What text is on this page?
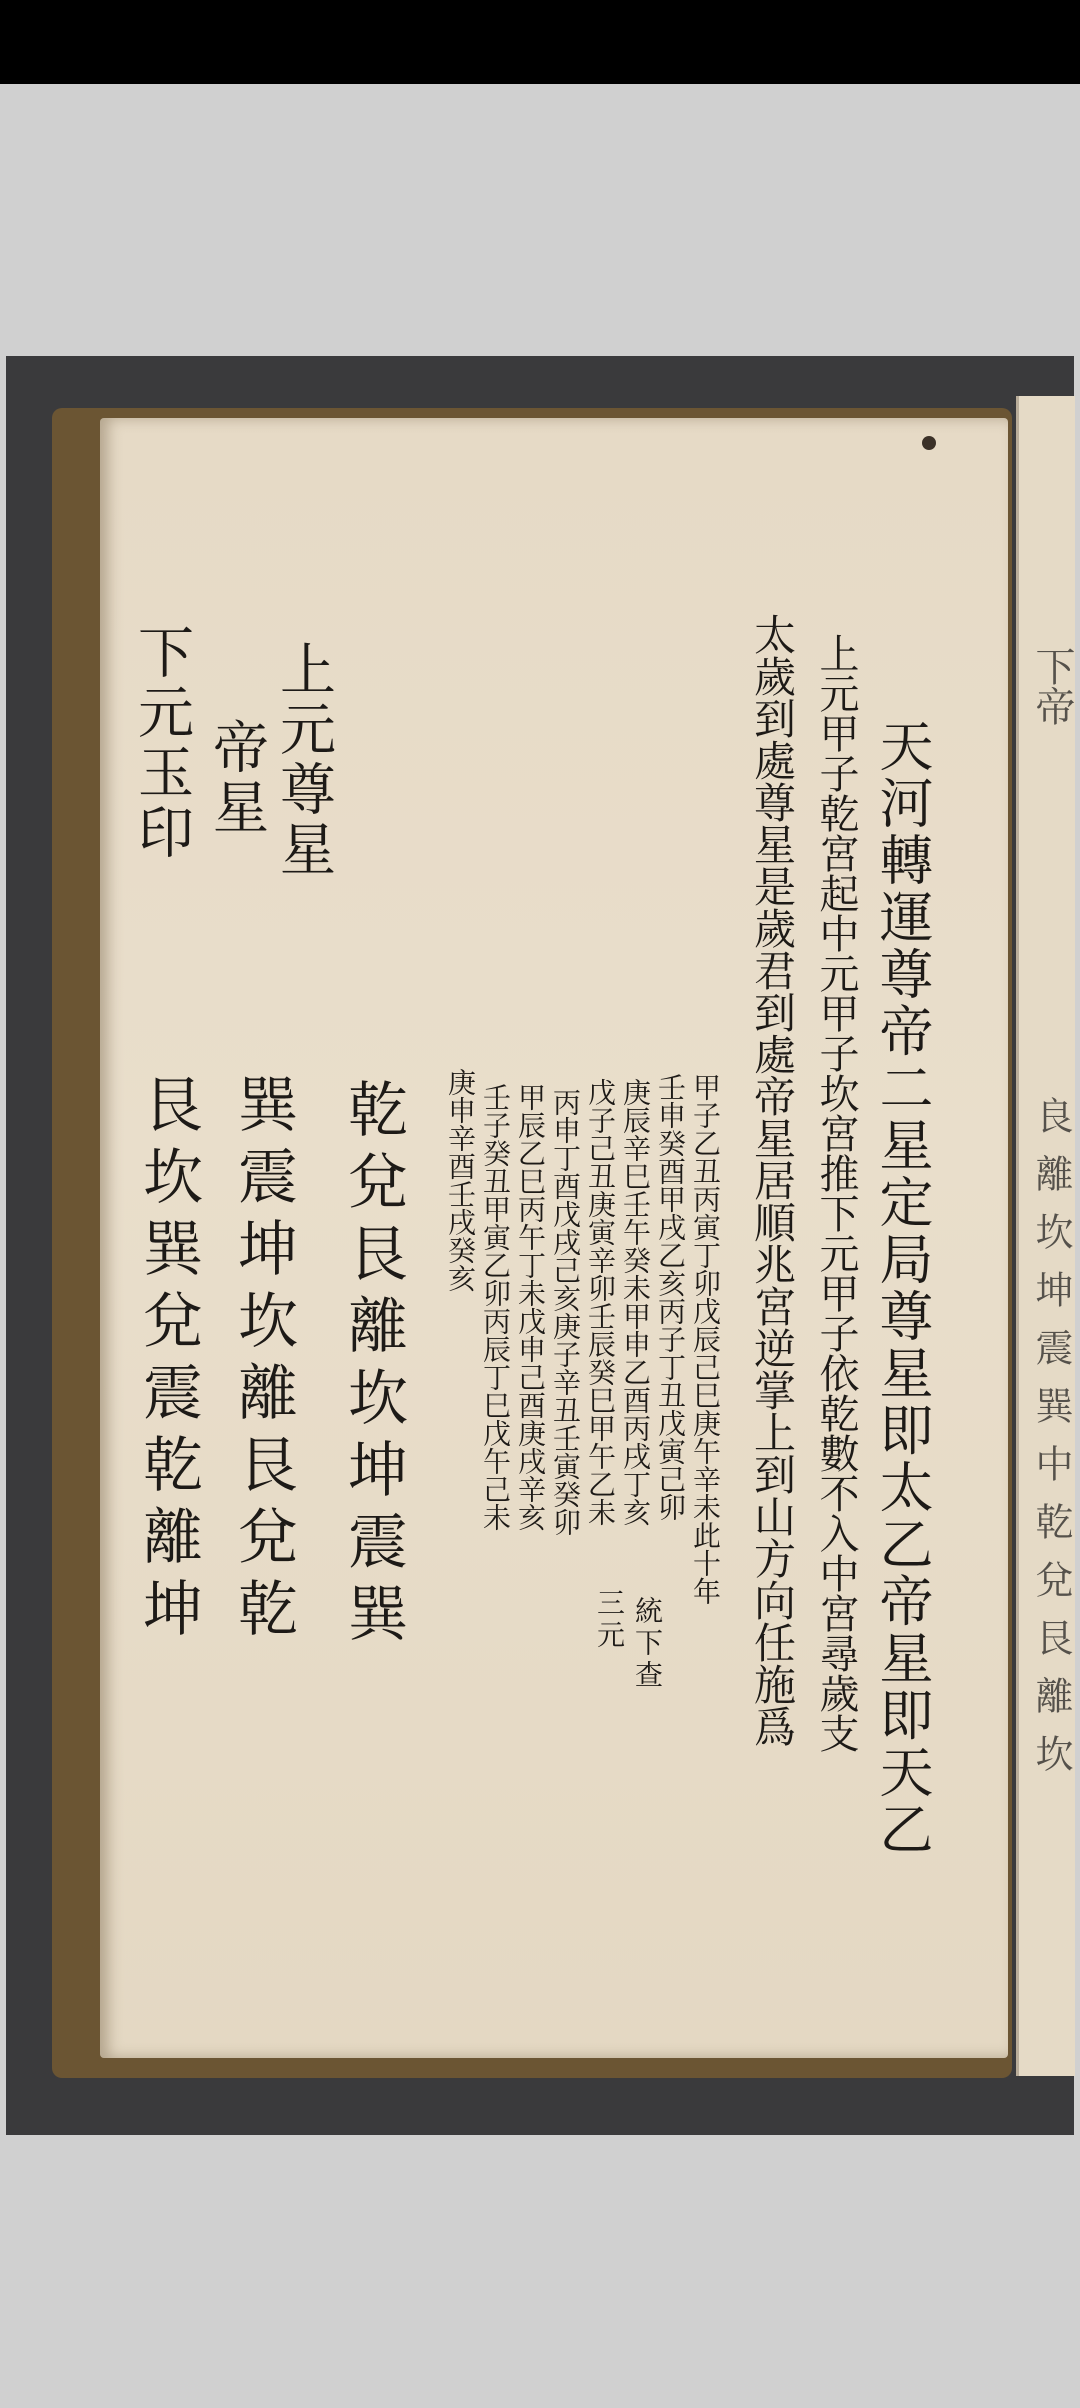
下帝
良離坎坤震巽中乾兌艮離坎
天河轉運尊帝二星定局尊星即太乙帝星即天乙
上元甲子乾宮起中元甲子坎宮推下元甲子依乾數不入中宮尋歲支
太歲到處尊星是歲君到處帝星居順兆宮逆掌上到山方向任施爲
甲子乙丑丙寅丁卯戊辰己巳庚午辛未此十年
壬申癸酉甲戌乙亥丙子丁丑戊寅己卯
庚辰辛巳壬午癸未甲申乙酉丙戌丁亥
戊子己丑庚寅辛卯壬辰癸巳甲午乙未
丙申丁酉戊戌己亥庚子辛丑壬寅癸卯
甲辰乙巳丙午丁未戊申己酉庚戌辛亥
壬子癸丑甲寅乙卯丙辰丁巳戊午己未
庚申辛酉壬戌癸亥
統下查
三元
乾兌艮離坎坤震巽
巽震坤坎離艮兌乾
艮坎巽兌震乾離坤
上元尊星
帝星
下元玉印
